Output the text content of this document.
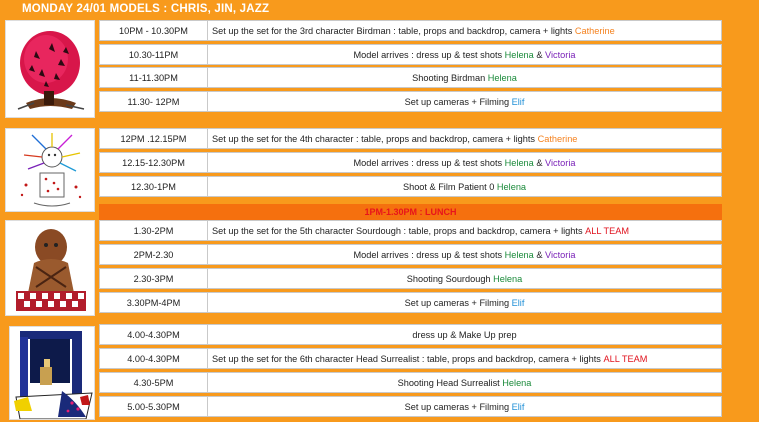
MONDAY 24/01 MODELS : CHRIS, JIN, JAZZ
10PM - 10.30PM	Set up the set for the 3rd character Birdman : table, props and backdrop, camera + lights Catherine
10.30-11PM	Model arrives : dress up & test shots Helena & Victoria
11-11.30PM	Shooting Birdman Helena
11.30- 12PM	Set up cameras + Filming Elif
12PM .12.15PM	Set up the set for the 4th character : table, props and backdrop, camera + lights Catherine
12.15-12.30PM	Model arrives : dress up & test shots Helena & Victoria
12.30-1PM	Shoot & Film Patient 0 Helena
1.30-2PM	Set up the set for the 5th character Sourdough : table, props and backdrop, camera + lights ALL TEAM
2PM-2.30	Model arrives : dress up & test shots Helena & Victoria
2.30-3PM	Shooting Sourdough Helena
3.30PM-4PM	Set up cameras + Filming Elif
4.00-4.30PM	dress up & Make Up prep
4.00-4.30PM	Set up the set for the 6th character Head Surrealist : table, props and backdrop, camera + lights ALL TEAM
4.30-5PM	Shooting Head Surrealist Helena
5.00-5.30PM	Set up cameras + Filming Elif
1PM-1.30PM : LUNCH
